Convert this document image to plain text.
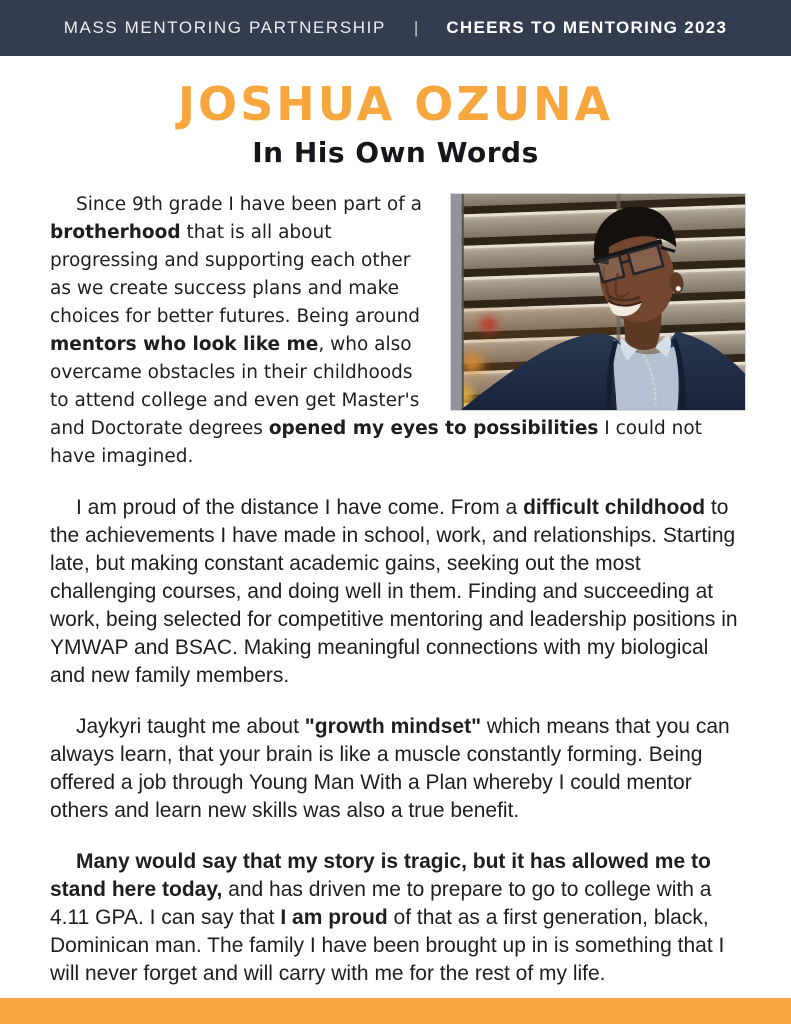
MASS MENTORING PARTNERSHIP | CHEERS TO MENTORING 2023
JOSHUA OZUNA
In His Own Words
Since 9th grade I have been part of a brotherhood that is all about progressing and supporting each other as we create success plans and make choices for better futures. Being around mentors who look like me, who also overcame obstacles in their childhoods to attend college and even get Master's and Doctorate degrees opened my eyes to possibilities I could not have imagined.
I am proud of the distance I have come. From a difficult childhood to the achievements I have made in school, work, and relationships. Starting late, but making constant academic gains, seeking out the most challenging courses, and doing well in them. Finding and succeeding at work, being selected for competitive mentoring and leadership positions in YMWAP and BSAC. Making meaningful connections with my biological and new family members.
Jaykyri taught me about "growth mindset" which means that you can always learn, that your brain is like a muscle constantly forming. Being offered a job through Young Man With a Plan whereby I could mentor others and learn new skills was also a true benefit.
Many would say that my story is tragic, but it has allowed me to stand here today, and has driven me to prepare to go to college with a 4.11 GPA. I can say that I am proud of that as a first generation, black, Dominican man. The family I have been brought up in is something that I will never forget and will carry with me for the rest of my life.
